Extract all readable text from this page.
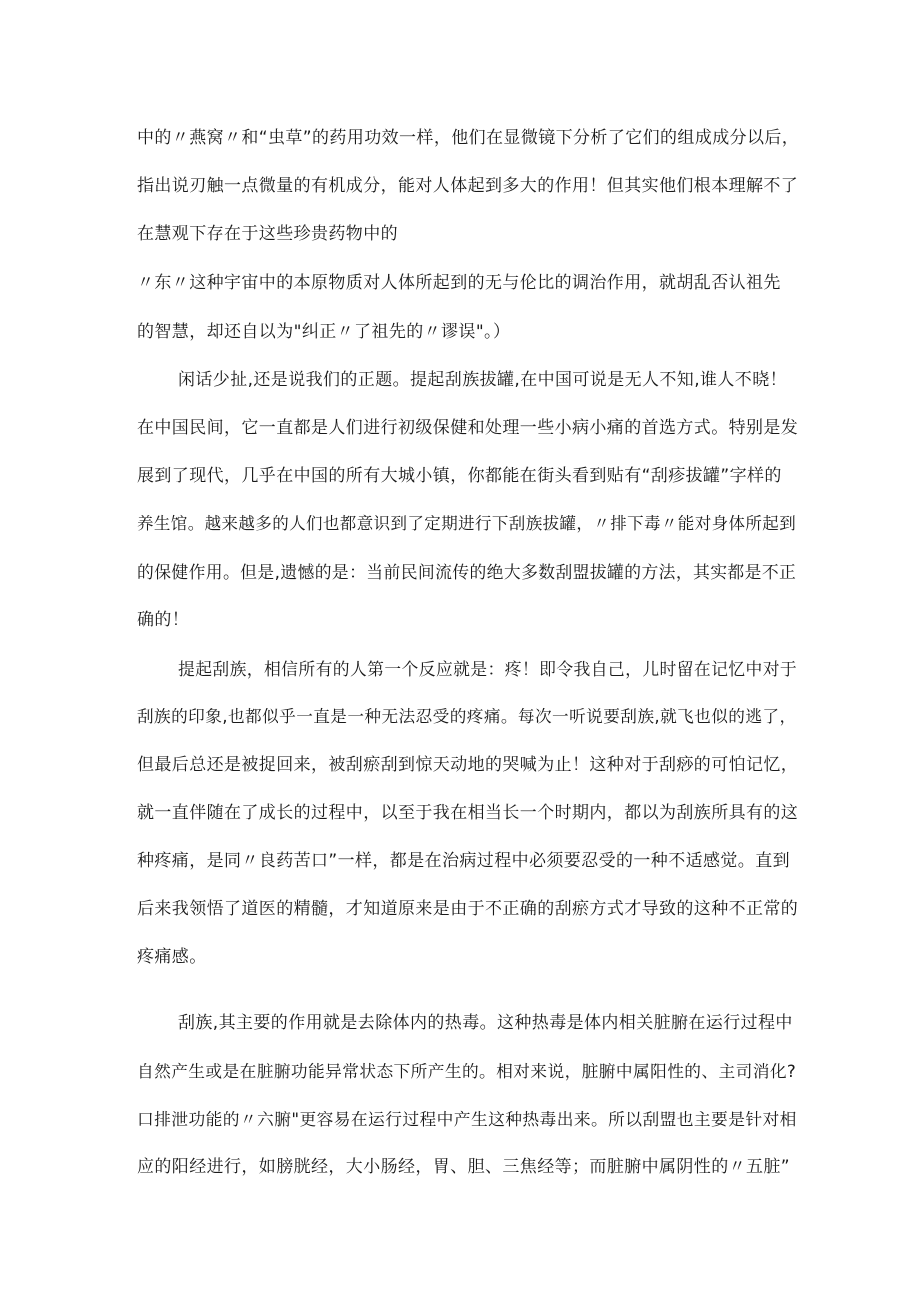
中的〃燕窝〃和“虫草”的药用功效一样，他们在显微镜下分析了它们的组成成分以后，
指出说刃触一点微量的有机成分，能对人体起到多大的作用！但其实他们根本理解不了
在慧观下存在于这些珍贵药物中的
〃东〃这种宇宙中的本原物质对人体所起到的无与伦比的调治作用，就胡乱否认祖先
的智慧，却还自以为"纠正〃了祖先的〃谬误"。）
闲话少扯,还是说我们的正题。提起刮族拔罐,在中国可说是无人不知,谁人不晓！
在中国民间，它一直都是人们进行初级保健和处理一些小病小痛的首选方式。特别是发
展到了现代，几乎在中国的所有大城小镇，你都能在街头看到贴有“刮疹拔罐”字样的
养生馆。越来越多的人们也都意识到了定期进行下刮族拔罐，〃排下毒〃能对身体所起到
的保健作用。但是,遗憾的是：当前民间流传的绝大多数刮盟拔罐的方法，其实都是不正
确的！
提起刮族，相信所有的人第一个反应就是：疼！即令我自己，儿时留在记忆中对于
刮族的印象,也都似乎一直是一种无法忍受的疼痛。每次一听说要刮族,就飞也似的逃了，
但最后总还是被捉回来，被刮瘀刮到惊天动地的哭喊为止！这种对于刮痧的可怕记忆，
就一直伴随在了成长的过程中，以至于我在相当长一个时期内，都以为刮族所具有的这
种疼痛，是同〃良药苦口”一样，都是在治病过程中必须要忍受的一种不适感觉。直到
后来我领悟了道医的精髓，才知道原来是由于不正确的刮瘀方式才导致的这种不正常的
疼痛感。
刮族,其主要的作用就是去除体内的热毒。这种热毒是体内相关脏腑在运行过程中
自然产生或是在脏腑功能异常状态下所产生的。相对来说，脏腑中属阳性的、主司消化?
口排泄功能的〃六腑"更容易在运行过程中产生这种热毒出来。所以刮盟也主要是针对相
应的阳经进行，如膀胱经，大小肠经，胃、胆、三焦经等；而脏腑中属阴性的〃五脏”
